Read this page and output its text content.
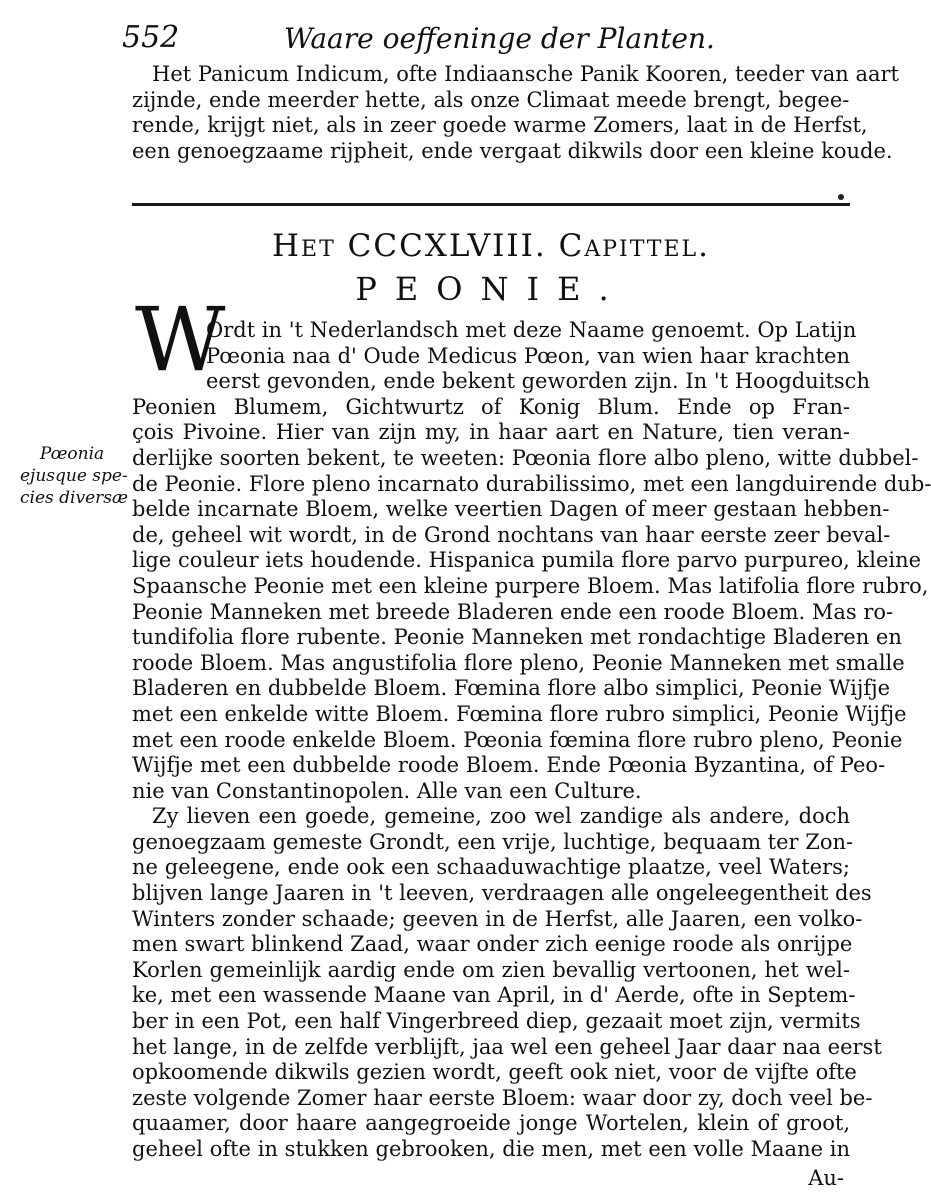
552	Waare oeffeninge der Planten.
Het Panicum Indicum, ofte Indiaansche Panik Kooren, teeder van aart
zijnde, ende meerder hette, als onze Climaat meede brengt, begee-
rende, krijgt niet, als in zeer goede warme Zomers, laat in de Herfst,
een genoegzaame rijpheit, ende vergaat dikwils door een kleine koude.
Het CCCXLVIII. Capittel.
PEONIE.
W
Pœonia
ejusque spe-
cies diversæ
Ordt in 't Nederlandsch met deze Naame genoemt. Op Latijn
Pœonia naa d' Oude Medicus Pœon, van wien haar krachten
eerst gevonden, ende bekent geworden zijn. In 't Hoogduitsch
Peonien Blumem, Gichtwurtz of Konig Blum. Ende op Fran-
çois Pivoine. Hier van zijn my, in haar aart en Nature, tien veran-
derlijke soorten bekent, te weeten: Pœonia flore albo pleno, witte dubbel-
de Peonie. Flore pleno incarnato durabilissimo, met een langduirende dub-
belde incarnate Bloem, welke veertien Dagen of meer gestaan hebben-
de, geheel wit wordt, in de Grond nochtans van haar eerste zeer beval-
lige couleur iets houdende. Hispanica pumila flore parvo purpureo, kleine
Spaansche Peonie met een kleine purpere Bloem. Mas latifolia flore rubro,
Peonie Manneken met breede Bladeren ende een roode Bloem. Mas ro-
tundifolia flore rubente. Peonie Manneken met rondachtige Bladeren en
roode Bloem. Mas angustifolia flore pleno, Peonie Manneken met smalle
Bladeren en dubbelde Bloem. Fœmina flore albo simplici, Peonie Wijfje
met een enkelde witte Bloem. Fœmina flore rubro simplici, Peonie Wijfje
met een roode enkelde Bloem. Pœonia fœmina flore rubro pleno, Peonie
Wijfje met een dubbelde roode Bloem. Ende Pœonia Byzantina, of Peo-
nie van Constantinopolen. Alle van een Culture.
Zy lieven een goede, gemeine, zoo wel zandige als andere, doch
genoegzaam gemeste Grondt, een vrije, luchtige, bequaam ter Zon-
ne geleegene, ende ook een schaaduwachtige plaatze, veel Waters;
blijven lange Jaaren in 't leeven, verdraagen alle ongeleegentheit des
Winters zonder schaade; geeven in de Herfst, alle Jaaren, een volko-
men swart blinkend Zaad, waar onder zich eenige roode als onrijpe
Korlen gemeinlijk aardig ende om zien bevallig vertoonen, het wel-
ke, met een wassende Maane van April, in d' Aerde, ofte in Septem-
ber in een Pot, een half Vingerbreed diep, gezaait moet zijn, vermits
het lange, in de zelfde verblijft, jaa wel een geheel Jaar daar naa eerst
opkoomende dikwils gezien wordt, geeft ook niet, voor de vijfte ofte
zeste volgende Zomer haar eerste Bloem: waar door zy, doch veel be-
quaamer, door haare aangegroeide jonge Wortelen, klein of groot,
geheel ofte in stukken gebrooken, die men, met een volle Maane in
Au-
